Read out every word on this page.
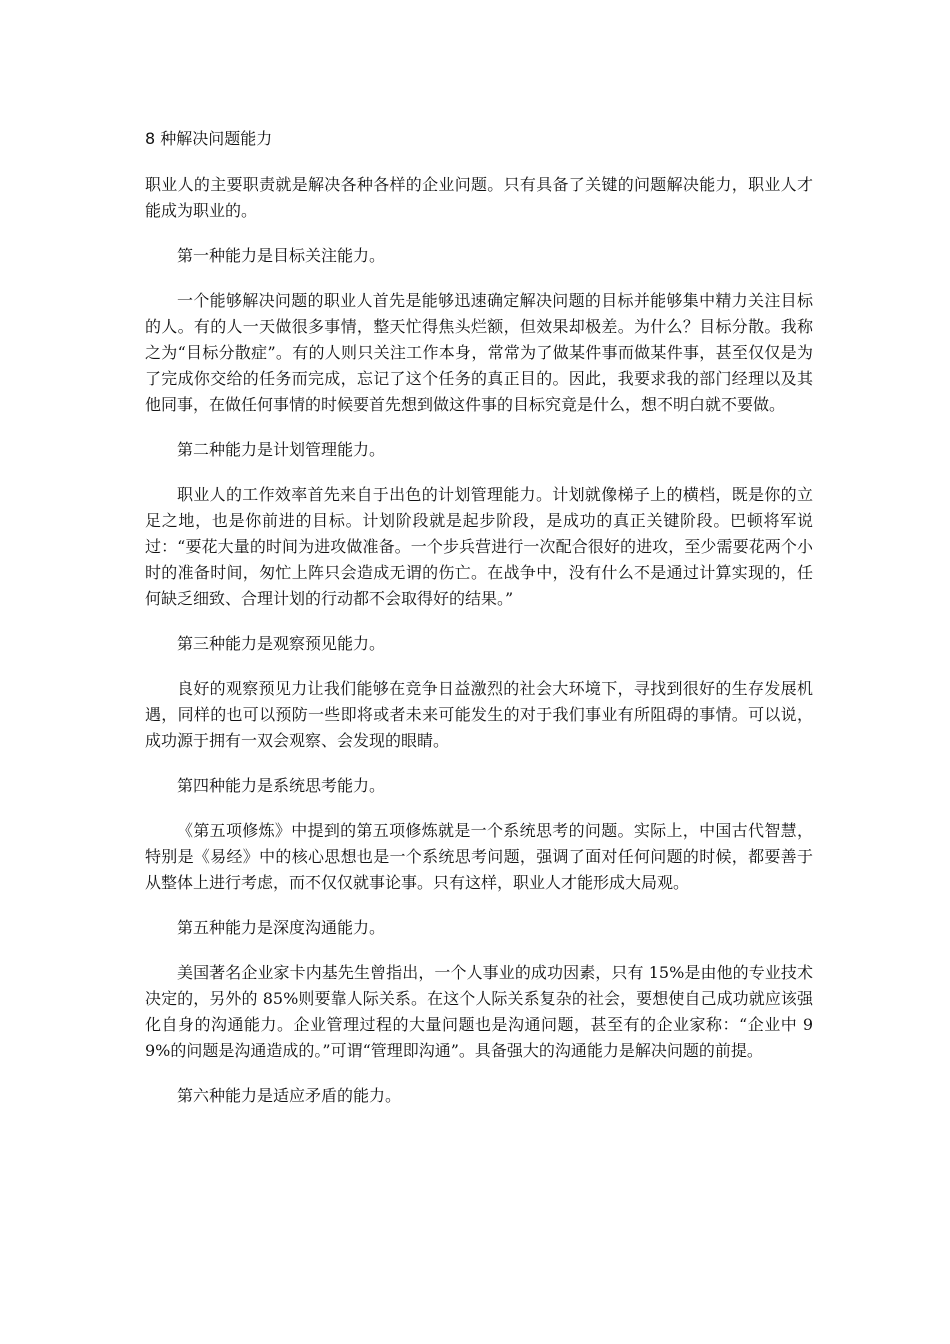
8 种解决问题能力
职业人的主要职责就是解决各种各样的企业问题。只有具备了关键的问题解决能力，职业人才能成为职业的。
第一种能力是目标关注能力。
一个能够解决问题的职业人首先是能够迅速确定解决问题的目标并能够集中精力关注目标的人。有的人一天做很多事情，整天忙得焦头烂额，但效果却极差。为什么？目标分散。我称之为“目标分散症”。有的人则只关注工作本身，常常为了做某件事而做某件事，甚至仅仅是为了完成你交给的任务而完成，忘记了这个任务的真正目的。因此，我要求我的部门经理以及其他同事，在做任何事情的时候要首先想到做这件事的目标究竟是什么，想不明白就不要做。
第二种能力是计划管理能力。
职业人的工作效率首先来自于出色的计划管理能力。计划就像梯子上的横档，既是你的立足之地，也是你前进的目标。计划阶段就是起步阶段，是成功的真正关键阶段。巴顿将军说过：“要花大量的时间为进攻做准备。一个步兵营进行一次配合很好的进攻，至少需要花两个小时的准备时间，匆忙上阵只会造成无谓的伤亡。在战争中，没有什么不是通过计算实现的，任何缺乏细致、合理计划的行动都不会取得好的结果。”
第三种能力是观察预见能力。
良好的观察预见力让我们能够在竞争日益激烈的社会大环境下，寻找到很好的生存发展机遇，同样的也可以预防一些即将或者未来可能发生的对于我们事业有所阻碍的事情。可以说，成功源于拥有一双会观察、会发现的眼睛。
第四种能力是系统思考能力。
《第五项修炼》中提到的第五项修炼就是一个系统思考的问题。实际上，中国古代智慧，特别是《易经》中的核心思想也是一个系统思考问题，强调了面对任何问题的时候，都要善于从整体上进行考虑，而不仅仅就事论事。只有这样，职业人才能形成大局观。
第五种能力是深度沟通能力。
美国著名企业家卡内基先生曾指出，一个人事业的成功因素，只有 15%是由他的专业技术决定的，另外的 85%则要靠人际关系。在这个人际关系复杂的社会，要想使自己成功就应该强化自身的沟通能力。企业管理过程的大量问题也是沟通问题，甚至有的企业家称：“企业中 99%的问题是沟通造成的。”可谓“管理即沟通”。具备强大的沟通能力是解决问题的前提。
第六种能力是适应矛盾的能力。
